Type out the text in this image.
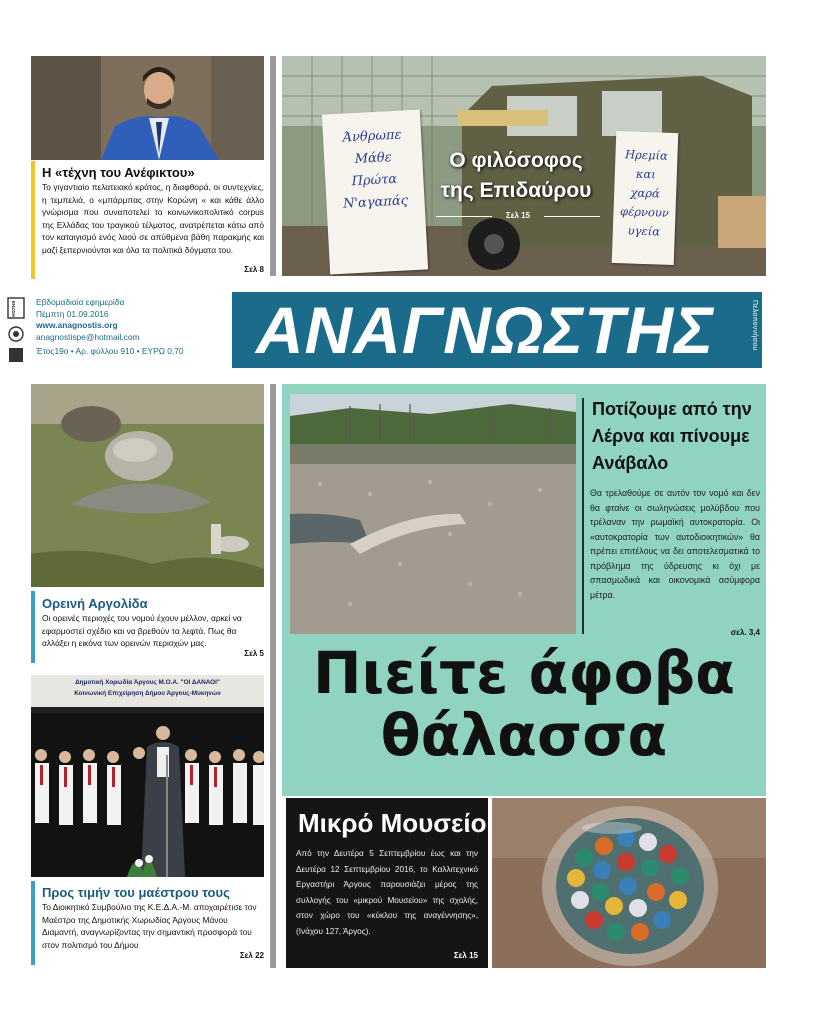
Η «τέχνη του Ανέφικτου»
Το γιγαντιαίο πελατειακό κράτος, η διαφθορά, οι συντεχνίες, η τεμπελιά, ο «μπάρμπας στην Κορώνη « και κάθε άλλο γνώρισμα που συναποτελεί το κοινωνικοπολιτικό corpus της Ελλάδας του τραγικού τέλματος, ανατρέπεται κάτω από τον καταιγισμό ενός λαού σε απύθμενα βάθη παρακμής και μαζί ξεπερνιούνται και όλα τα πολιτικά δόγματα του.
Σελ 8
Άνθρωπε
Μάθε
Πρώτα
Ν'αγαπάς
Ηρεμία
και
χαρά
φέρνουν
υγεία
Ο φιλόσοφος
της Επιδαύρου
Σελ 15
ΕΝΩΣΗ Εβδομαδιαία εφημερίδα
Πέμπτη 01.09.2016
www.anagnostis.org
anagnostispe@hotmail.com
Έτος19ο • Αρ. φύλλου 910 • ΕΥΡΩ 0,70	ΑΝΑΓΝΩΣΤΗΣ	Πελοποννήσου
Ορεινή Αργολίδα
Οι ορεινές περιοχές του νομού έχουν μέλλον, αρκεί να εφαρμοστεί σχέδιο και να βρεθούν τα λεφτά. Πως θα αλλάξει η εικόνα των ορεινών περιοχών μας.
Σελ 5
Δημοτική Χορωδία Άργους Μ.Ο.Α. "ΟΙ ΔΑΝΑΟΙ"
Κοινωνική Επιχείρηση Δήμου Άργους-Μυκηνών
Προς τιμήν του μαέστρου τους
Το Διοικητικό Συμβούλιο της Κ.Ε.Δ.Α.-Μ. αποχαιρέτισε τον Μαέστρο της Δημοτικής Χωρωδίας Άργους Μάνου Διαμαντή, αναγνωρίζοντας την σημαντική προσφορά του στον πολιτισμό του Δήμου
Σελ 22
Ποτίζουμε από την Λέρνα και πίνουμε Ανάβαλο
Θα τρελαθούμε σε αυτόν τον νομό και δεν θα φταίνε οι σωληνώσεις μολύβδου που τρέλαναν την ρωμαϊκή αυτοκρατορία. Οι «αυτοκρατορία των αυτοδιοικητικών» θα πρέπει επιτέλους να δει αποτελεσματικά το πρόβλημα της ύδρευσης κι όχι με σπασμωδικά και οικονομικά ασύμφορα μέτρα.
σελ. 3,4
Πιείτε άφοβα
θάλασσα
Μικρό Μουσείο

Από την Δευτέρα 5 Σεπτεμβρίου έως και την Δευτέρα 12 Σεπτεμβρίου 2016, το Καλλιτεχνικό Εργαστήρι Άργους παρουσιάζει μέρος της συλλογής του «μικρού Μουσείου» της σχολής, στον χώρο του «κύκλου της αναγέννησης», (Ινάχου 127, Άργος).

Σελ 15
